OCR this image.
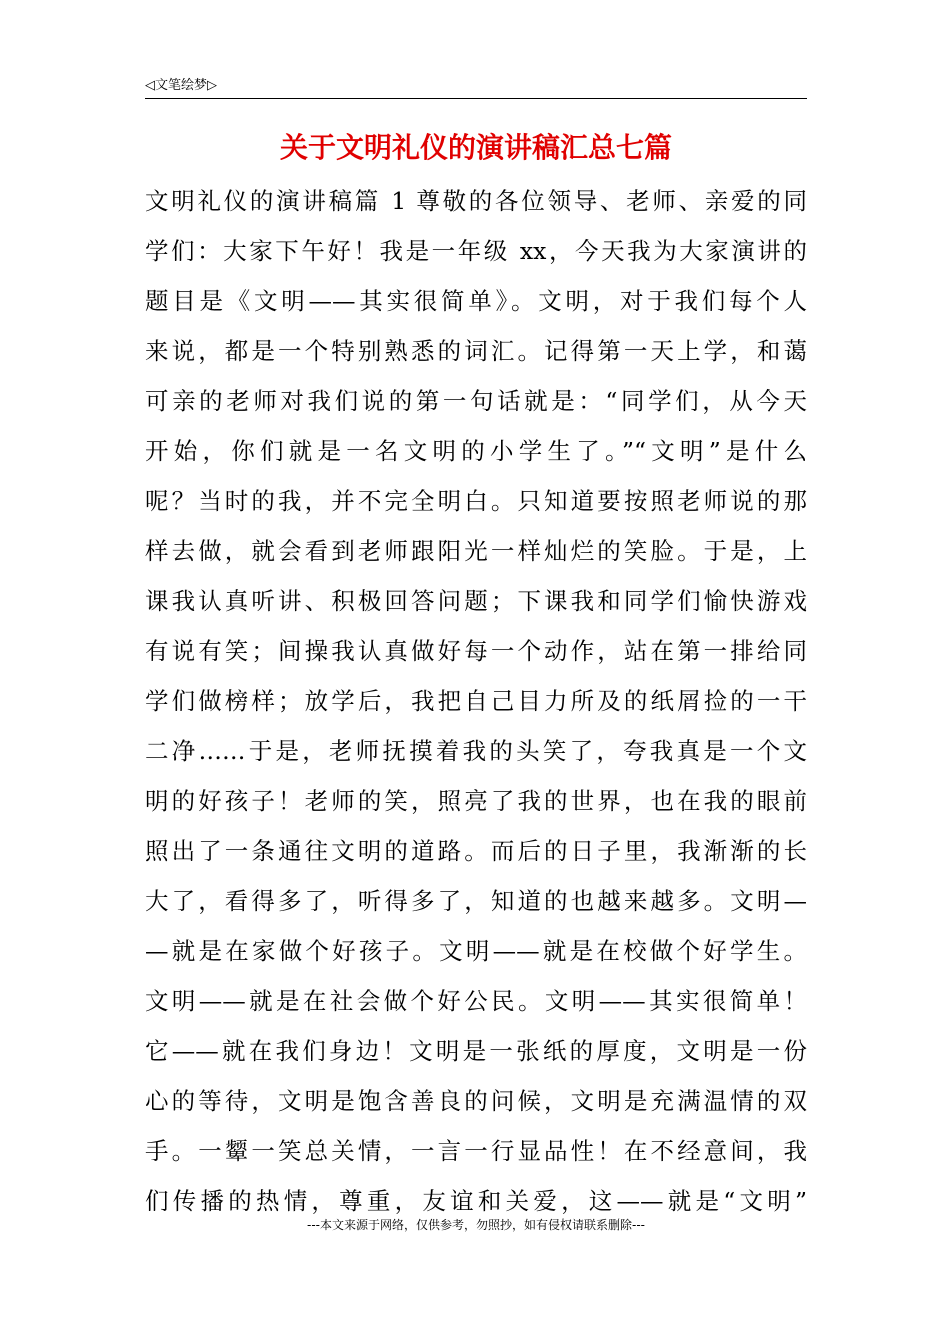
◁文笔绘梦▷
关于文明礼仪的演讲稿汇总七篇
文明礼仪的演讲稿篇 1 尊敬的各位领导、老师、亲爱的同
学们：大家下午好！我是一年级 xx，今天我为大家演讲的
题目是《文明——其实很简单》。文明，对于我们每个人
来说，都是一个特别熟悉的词汇。记得第一天上学，和蔼
可亲的老师对我们说的第一句话就是：“同学们，从今天
开始，你们就是一名文明的小学生了。”“文明”是什么
呢？当时的我，并不完全明白。只知道要按照老师说的那
样去做，就会看到老师跟阳光一样灿烂的笑脸。于是，上
课我认真听讲、积极回答问题；下课我和同学们愉快游戏
有说有笑；间操我认真做好每一个动作，站在第一排给同
学们做榜样；放学后，我把自己目力所及的纸屑捡的一干
二净……于是，老师抚摸着我的头笑了，夸我真是一个文
明的好孩子！老师的笑，照亮了我的世界，也在我的眼前
照出了一条通往文明的道路。而后的日子里，我渐渐的长
大了，看得多了，听得多了，知道的也越来越多。文明—
—就是在家做个好孩子。文明——就是在校做个好学生。
文明——就是在社会做个好公民。文明——其实很简单！
它——就在我们身边！文明是一张纸的厚度，文明是一份
心的等待，文明是饱含善良的问候，文明是充满温情的双
手。一颦一笑总关情，一言一行显品性！在不经意间，我
们传播的热情，尊重，友谊和关爱，这——就是“文明”
---本文来源于网络，仅供参考，勿照抄，如有侵权请联系删除---
